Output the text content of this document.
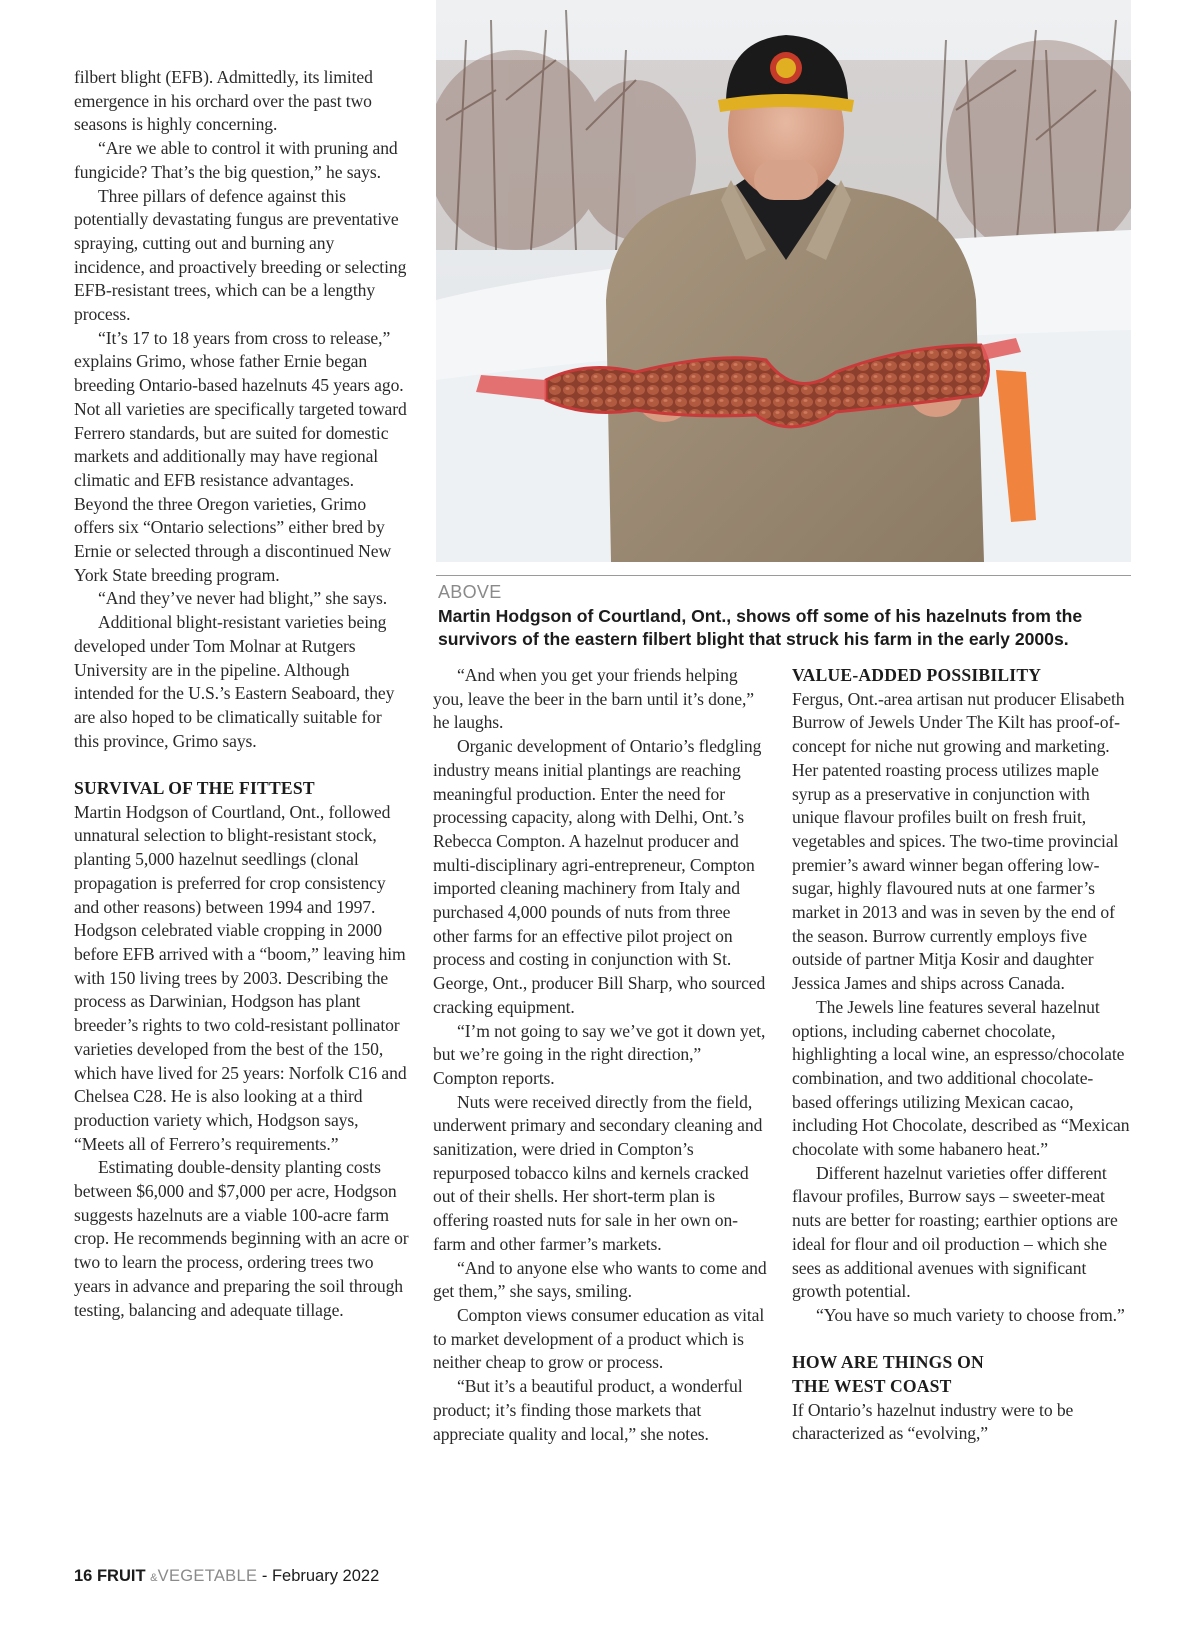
filbert blight (EFB). Admittedly, its limited emergence in his orchard over the past two seasons is highly concerning.

“Are we able to control it with pruning and fungicide? That’s the big question,” he says.

Three pillars of defence against this potentially devastating fungus are preventative spraying, cutting out and burning any incidence, and proactively breeding or selecting EFB-resistant trees, which can be a lengthy process.

“It’s 17 to 18 years from cross to release,” explains Grimo, whose father Ernie began breeding Ontario-based hazelnuts 45 years ago. Not all varieties are specifically targeted toward Ferrero standards, but are suited for domestic markets and additionally may have regional climatic and EFB resistance advantages. Beyond the three Oregon varieties, Grimo offers six “Ontario selections” either bred by Ernie or selected through a discontinued New York State breeding program.

“And they’ve never had blight,” she says.

Additional blight-resistant varieties being developed under Tom Molnar at Rutgers University are in the pipeline. Although intended for the U.S.’s Eastern Seaboard, they are also hoped to be climatically suitable for this province, Grimo says.

SURVIVAL OF THE FITTEST

Martin Hodgson of Courtland, Ont., followed unnatural selection to blight-resistant stock, planting 5,000 hazelnut seedlings (clonal propagation is preferred for crop consistency and other reasons) between 1994 and 1997. Hodgson celebrated viable cropping in 2000 before EFB arrived with a “boom,” leaving him with 150 living trees by 2003. Describing the process as Darwinian, Hodgson has plant breeder’s rights to two cold-resistant pollinator varieties developed from the best of the 150, which have lived for 25 years: Norfolk C16 and Chelsea C28. He is also looking at a third production variety which, Hodgson says, “Meets all of Ferrero’s requirements.”

Estimating double-density planting costs between $6,000 and $7,000 per acre, Hodgson suggests hazelnuts are a viable 100-acre farm crop. He recommends beginning with an acre or two to learn the process, ordering trees two years in advance and preparing the soil through testing, balancing and adequate tillage.

ABOVE
Martin Hodgson of Courtland, Ont., shows off some of his hazelnuts from the survivors of the eastern filbert blight that struck his farm in the early 2000s.

“And when you get your friends helping you, leave the beer in the barn until it’s done,” he laughs.

Organic development of Ontario’s fledgling industry means initial plantings are reaching meaningful production. Enter the need for processing capacity, along with Delhi, Ont.’s Rebecca Compton. A hazelnut producer and multi-disciplinary agri-entrepreneur, Compton imported cleaning machinery from Italy and purchased 4,000 pounds of nuts from three other farms for an effective pilot project on process and costing in conjunction with St. George, Ont., producer Bill Sharp, who sourced cracking equipment.

“I’m not going to say we’ve got it down yet, but we’re going in the right direction,” Compton reports.

Nuts were received directly from the field, underwent primary and secondary cleaning and sanitization, were dried in Compton’s repurposed tobacco kilns and kernels cracked out of their shells. Her short-term plan is offering roasted nuts for sale in her own on-farm and other farmer’s markets.

“And to anyone else who wants to come and get them,” she says, smiling.

Compton views consumer education as vital to market development of a product which is neither cheap to grow or process.

“But it’s a beautiful product, a wonderful product; it’s finding those markets that appreciate quality and local,” she notes.

VALUE-ADDED POSSIBILITY

Fergus, Ont.-area artisan nut producer Elisabeth Burrow of Jewels Under The Kilt has proof-of-concept for niche nut growing and marketing. Her patented roasting process utilizes maple syrup as a preservative in conjunction with unique flavour profiles built on fresh fruit, vegetables and spices. The two-time provincial premier’s award winner began offering low-sugar, highly flavoured nuts at one farmer’s market in 2013 and was in seven by the end of the season. Burrow currently employs five outside of partner Mitja Kosir and daughter Jessica James and ships across Canada.

The Jewels line features several hazelnut options, including cabernet chocolate, highlighting a local wine, an espresso/chocolate combination, and two additional chocolate-based offerings utilizing Mexican cacao, including Hot Chocolate, described as “Mexican chocolate with some habanero heat.”

Different hazelnut varieties offer different flavour profiles, Burrow says – sweeter-meat nuts are better for roasting; earthier options are ideal for flour and oil production – which she sees as additional avenues with significant growth potential.

“You have so much variety to choose from.”

HOW ARE THINGS ON
THE WEST COAST

If Ontario’s hazelnut industry were to be characterized as “evolving,”

16 FRUIT &VEGETABLE - February 2022
